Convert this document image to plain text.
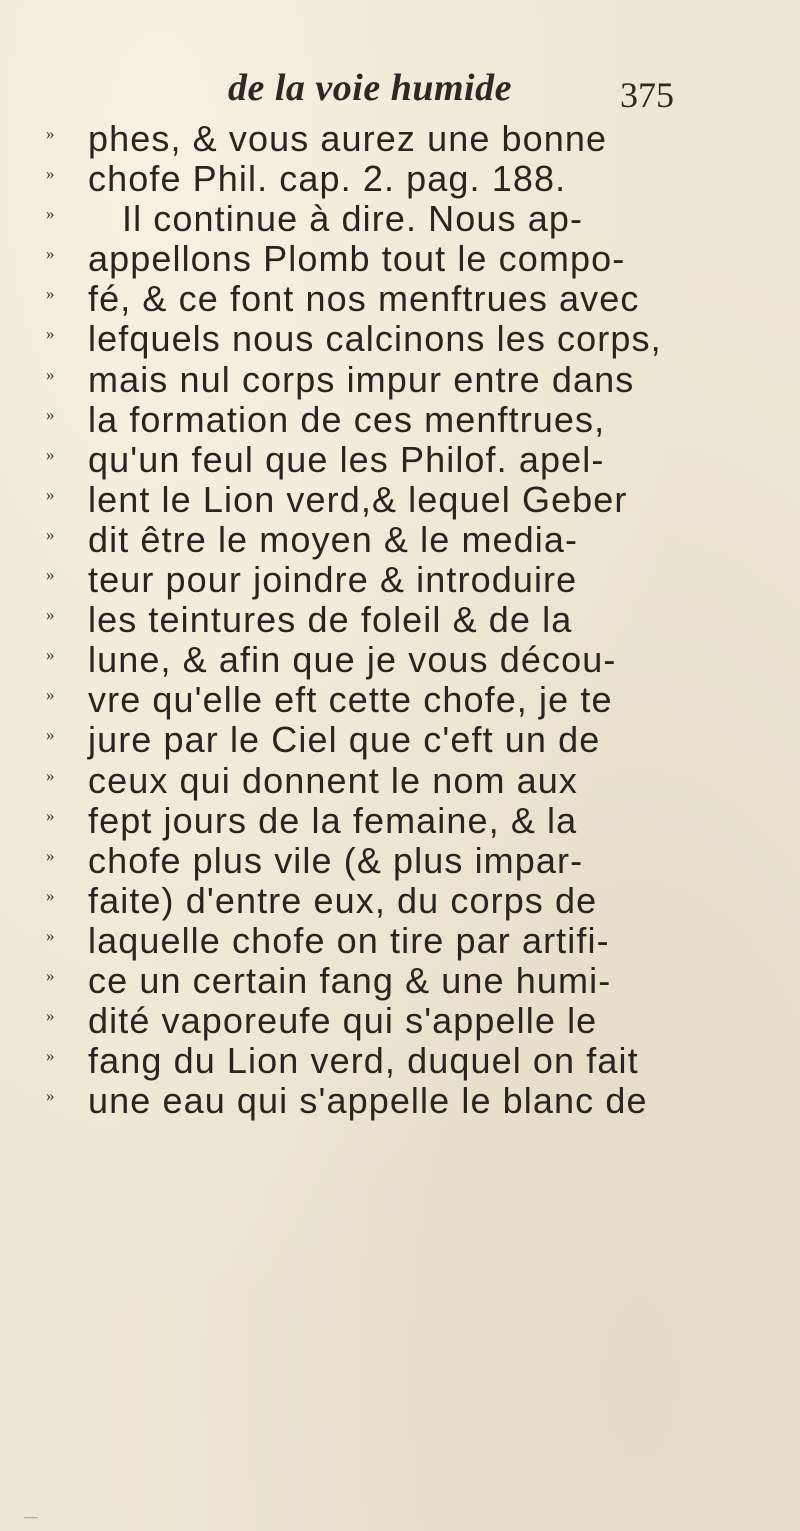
de la voie humide	375
» phes, & vous aurez une bonne
» chofe Phil. cap. 2. pag. 188.
»	Il continue à dire. Nous ap-
» appellons Plomb tout le compo-
» fé, & ce font nos menftrues avec
» lefquels nous calcinons les corps,
» mais nul corps impur entre dans
» la formation de ces menftrues,
» qu'un feul que les Philof. apel-
» lent le Lion verd,& lequel Geber
» dit être le moyen & le media-
» teur pour joindre & introduire
» les teintures de foleil & de la
» lune, & afin que je vous décou-
» vre qu'elle eft cette chofe, je te
» jure par le Ciel que c'eft un de
» ceux qui donnent le nom aux
» fept jours de la femaine, & la
» chofe plus vile (& plus impar-
» faite) d'entre eux, du corps de
» laquelle chofe on tire par artifi-
» ce un certain fang & une humi-
» dité vaporeufe qui s'appelle le
» fang du Lion verd, duquel on fait
» une eau qui s'appelle le blanc de
—
